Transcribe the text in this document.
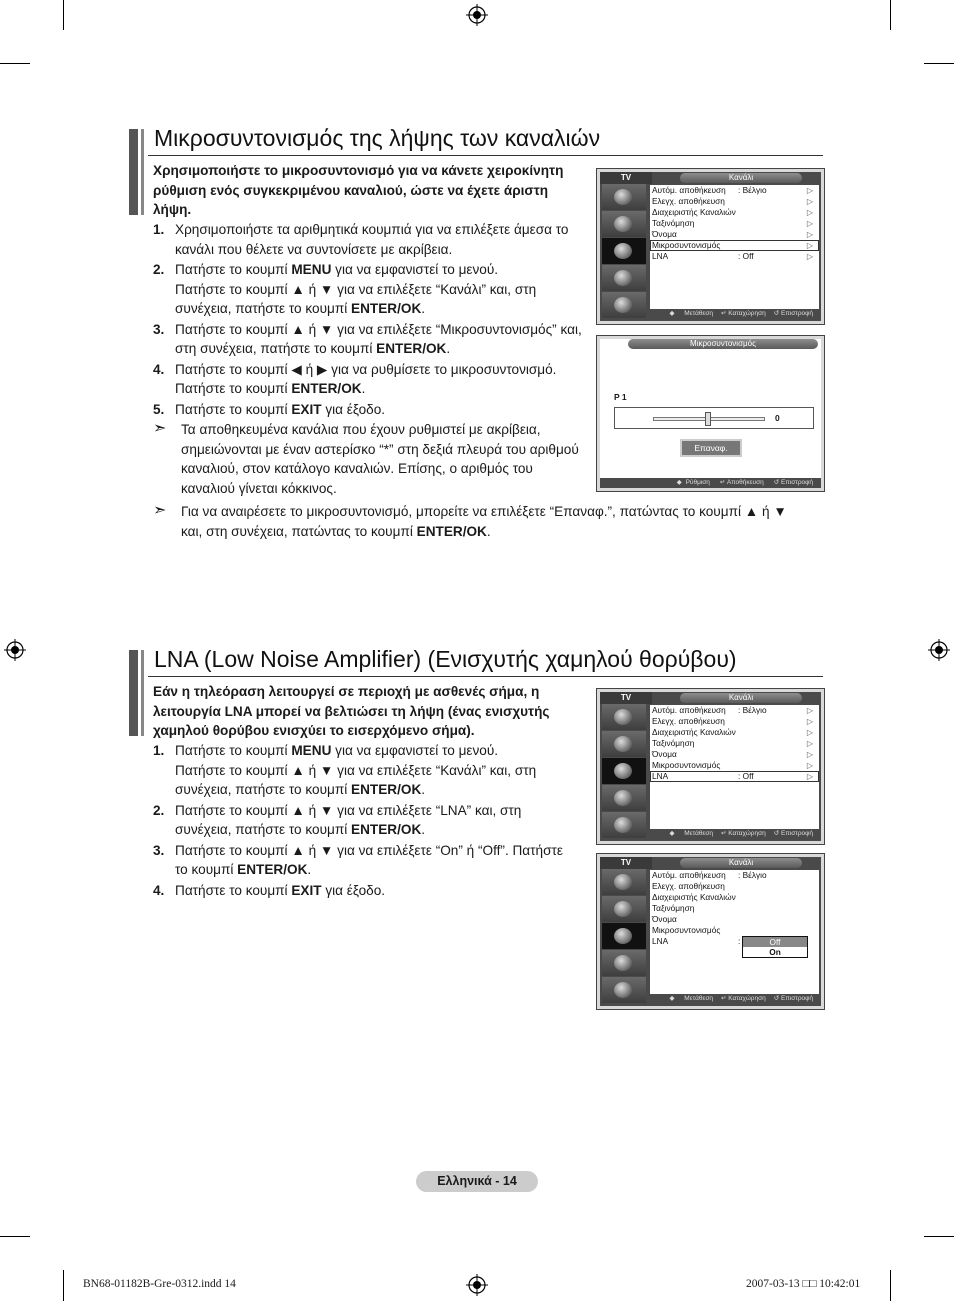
Μικροσυντονισμός της λήψης των καναλιών
Χρησιμοποιήστε το μικροσυντονισμό για να κάνετε χειροκίνητη ρύθμιση ενός συγκεκριμένου καναλιού, ώστε να έχετε άριστη λήψη.
1. Χρησιμοποιήστε τα αριθμητικά κουμπιά για να επιλέξετε άμεσα το κανάλι που θέλετε να συντονίσετε με ακρίβεια.
2. Πατήστε το κουμπί MENU για να εμφανιστεί το μενού.
Πατήστε το κουμπί ▲ ή ▼ για να επιλέξετε “Κανάλι” και, στη συνέχεια, πατήστε το κουμπί ENTER/OK.
3. Πατήστε το κουμπί ▲ ή ▼ για να επιλέξετε “Μικροσυντονισμός” και, στη συνέχεια, πατήστε το κουμπί ENTER/OK.
4. Πατήστε το κουμπί ◀ ή ▶ για να ρυθμίσετε το μικροσυντονισμό. Πατήστε το κουμπί ENTER/OK.
5. Πατήστε το κουμπί EXIT για έξοδο.
➣ Τα αποθηκευμένα κανάλια που έχουν ρυθμιστεί με ακρίβεια, σημειώνονται με έναν αστερίσκο “*” στη δεξιά πλευρά του αριθμού καναλιού, στον κατάλογο καναλιών. Επίσης, ο αριθμός του καναλιού γίνεται κόκκινος.
➣ Για να αναιρέσετε το μικροσυντονισμό, μπορείτε να επιλέξετε “Επαναφ.”, πατώντας το κουμπί ▲ ή ▼ και, στη συνέχεια, πατώντας το κουμπί ENTER/OK.
TV	Κανάλι
Αυτόμ. αποθήκευση : Βέλγιο	▷
Ελεγχ. αποθήκευση	▷
Διαχειριστής Καναλιών	▷
Ταξινόμηση	▷
Όνομα	▷
Μικροσυντονισμός	▷
LNA	: Off	▷
◆ Μετάθεση ↵ Καταχώρηση ↺ Επιστροφή
Μικροσυντονισμός
P 1
0
Επαναφ.
◆ Ρύθμιση ↵ Αποθήκευση ↺ Επιστροφή
LNA (Low Noise Amplifier) (Ενισχυτής χαμηλού θορύβου)
Εάν η τηλεόραση λειτουργεί σε περιοχή με ασθενές σήμα, η λειτουργία LNA μπορεί να βελτιώσει τη λήψη (ένας ενισχυτής χαμηλού θορύβου ενισχύει το εισερχόμενο σήμα).
1. Πατήστε το κουμπί MENU για να εμφανιστεί το μενού.
Πατήστε το κουμπί ▲ ή ▼ για να επιλέξετε “Κανάλι” και, στη συνέχεια, πατήστε το κουμπί ENTER/OK.
2. Πατήστε το κουμπί ▲ ή ▼ για να επιλέξετε “LNA” και, στη συνέχεια, πατήστε το κουμπί ENTER/OK.
3. Πατήστε το κουμπί ▲ ή ▼ για να επιλέξετε “On” ή “Off”. Πατήστε το κουμπί ENTER/OK.
4. Πατήστε το κουμπί EXIT για έξοδο.
TV	Κανάλι
Αυτόμ. αποθήκευση : Βέλγιο	▷
Ελεγχ. αποθήκευση	▷
Διαχειριστής Καναλιών	▷
Ταξινόμηση	▷
Όνομα	▷
Μικροσυντονισμός	▷
LNA	: Off	▷
◆ Μετάθεση ↵ Καταχώρηση ↺ Επιστροφή
TV	Κανάλι
Αυτόμ. αποθήκευση : Βέλγιο
Ελεγχ. αποθήκευση
Διαχειριστής Καναλιών
Ταξινόμηση
Όνομα
Μικροσυντονισμός
LNA	:	Off
On
◆ Μετάθεση ↵ Καταχώρηση ↺ Επιστροφή
Ελληνικά - 14
BN68-01182B-Gre-0312.indd 14	2007-03-13 □□ 10:42:01
